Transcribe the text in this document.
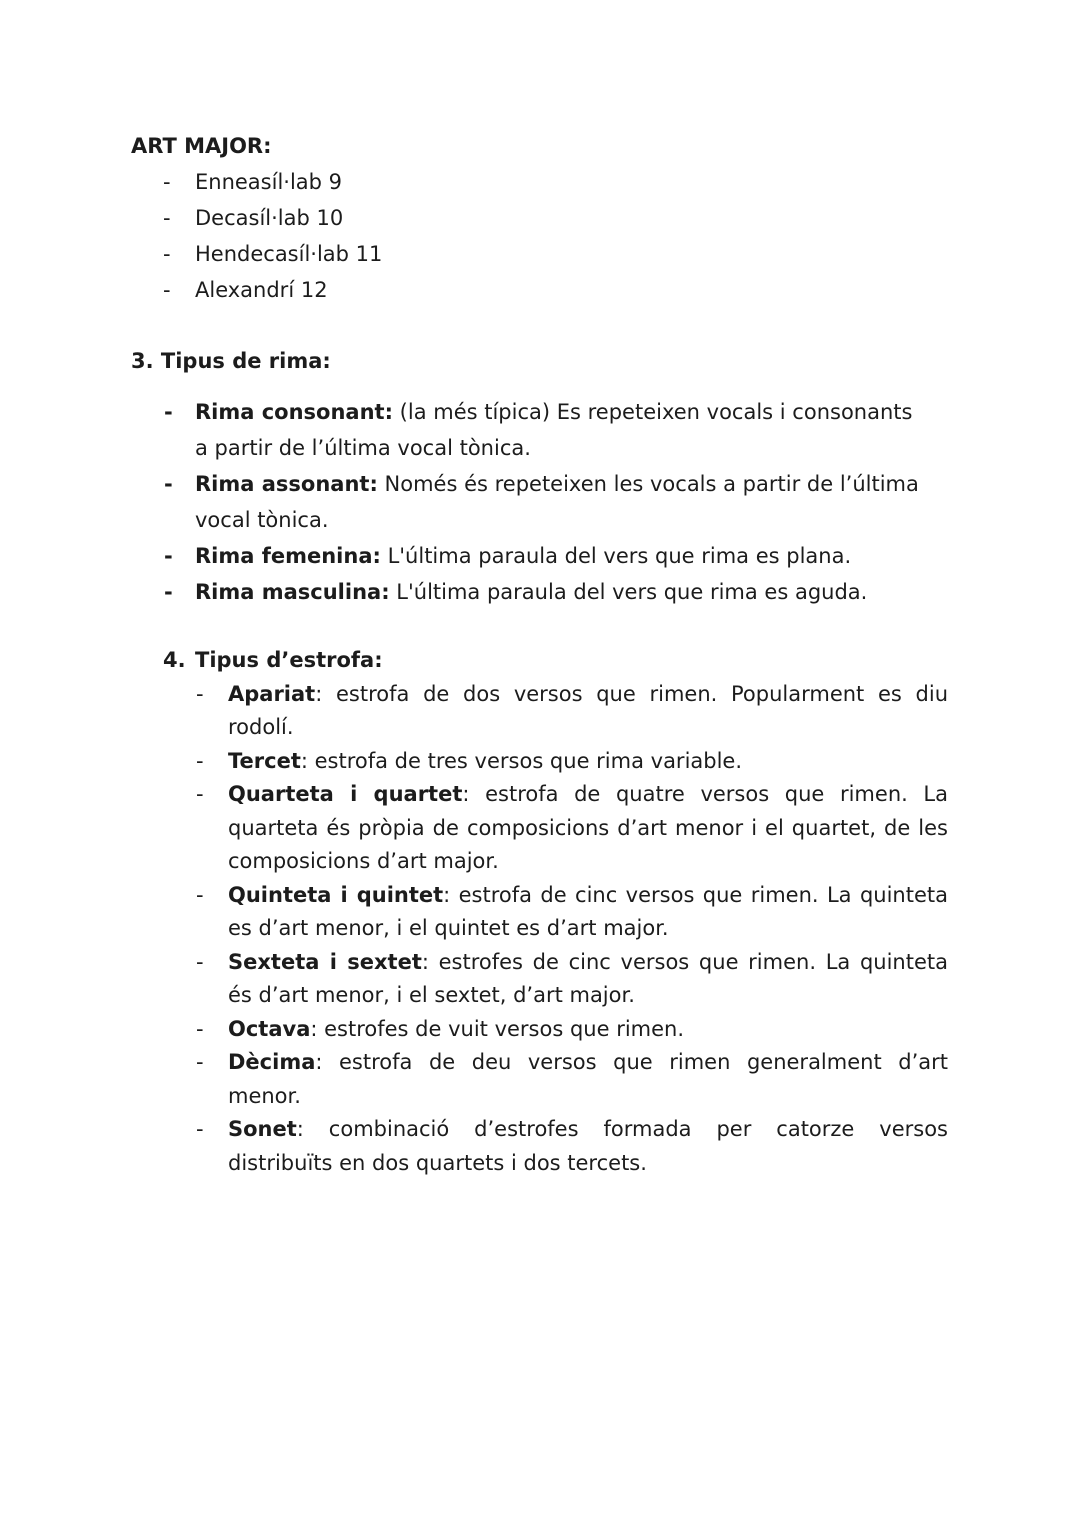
ART MAJOR:

- Enneasíl·lab 9
- Decasíl·lab 10
- Hendecasíl·lab 11
- Alexandrí 12

3. Tipus de rima:

- Rima consonant: (la més típica) Es repeteixen vocals i consonants a partir de l’última vocal tònica.
- Rima assonant: Només és repeteixen les vocals a partir de l’última vocal tònica.
- Rima femenina: L'última paraula del vers que rima es plana.
- Rima masculina: L'última paraula del vers que rima es aguda.

4. Tipus d’estrofa:

- Apariat: estrofa de dos versos que rimen. Popularment es diu rodolí.
- Tercet: estrofa de tres versos que rima variable.
- Quarteta i quartet: estrofa de quatre versos que rimen. La quarteta és pròpia de composicions d’art menor i el quartet, de les composicions d’art major.
- Quinteta i quintet: estrofa de cinc versos que rimen. La quinteta es d’art menor, i el quintet es d’art major.
- Sexteta i sextet: estrofes de cinc versos que rimen. La quinteta és d’art menor, i el sextet, d’art major.
- Octava: estrofes de vuit versos que rimen.
- Dècima: estrofa de deu versos que rimen generalment d’art menor.
- Sonet: combinació d’estrofes formada per catorze versos distribuïts en dos quartets i dos tercets.
